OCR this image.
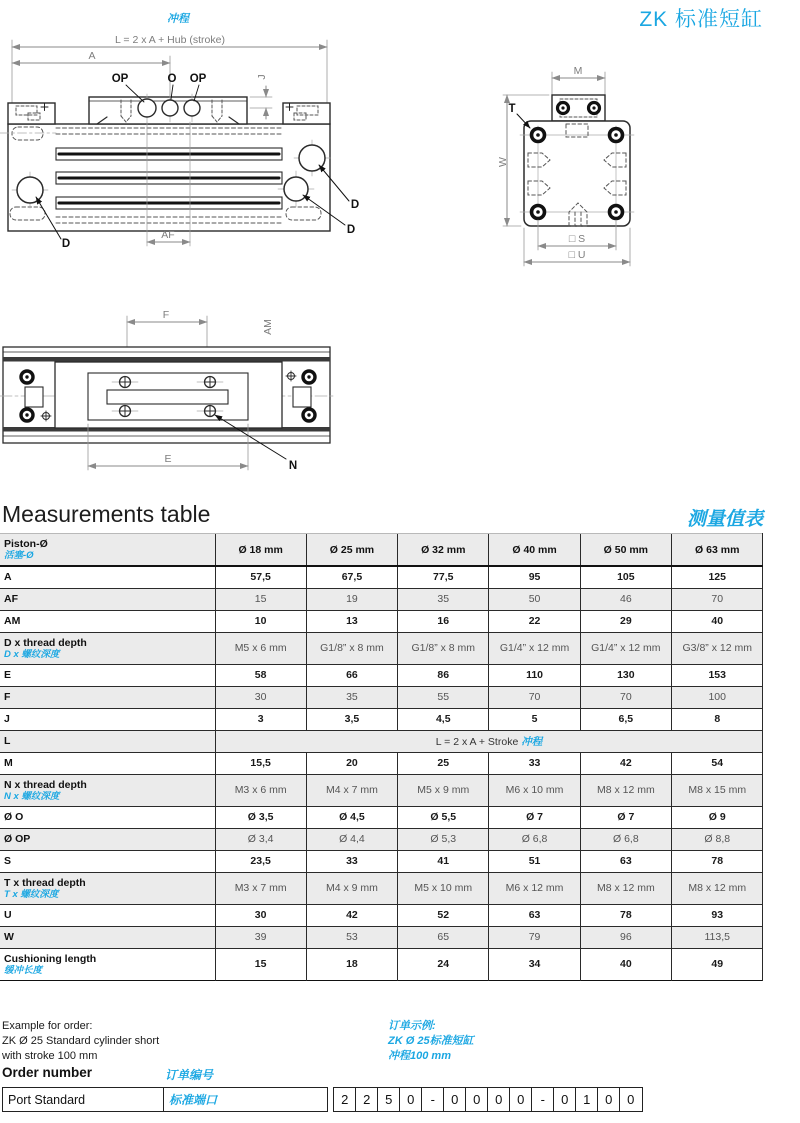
ZK 标准短缸
冲程
L = 2 x A + Hub (stroke)
A
OP	O OP	J
D
D
D
AF
M
T
W
□ S
□ U
F
AM
E
N
Measurements table	测量值表
Piston-Ø
活塞-Ø	Ø 18 mm	Ø 25 mm	Ø 32 mm	Ø 40 mm	Ø 50 mm	Ø 63 mm

A	57,5	67,5	77,5	95	105	125

AF	15	19	35	50	46	70

AM	10	13	16	22	29	40

D x thread depth
D x 螺纹深度	M5 x 6 mm	G1/8” x 8 mm	G1/8” x 8 mm	G1/4” x 12 mm	G1/4” x 12 mm	G3/8” x 12 mm

E	58	66	86	110	130	153

F	30	35	55	70	70	100

J	3	3,5	4,5	5	6,5	8

L	L = 2 x A + Stroke 冲程					

M	15,5	20	25	33	42	54

N x thread depth
N x 螺纹深度	M3 x 6 mm	M4 x 7 mm	M5 x 9 mm	M6 x 10 mm	M8 x 12 mm	M8 x 15 mm

Ø O	Ø 3,5	Ø 4,5	Ø 5,5	Ø 7	Ø 7	Ø 9

Ø OP	Ø 3,4	Ø 4,4	Ø 5,3	Ø 6,8	Ø 6,8	Ø 8,8

S	23,5	33	41	51	63	78

T x thread depth
T x 螺纹深度	M3 x 7 mm	M4 x 9 mm	M5 x 10 mm	M6 x 12 mm	M8 x 12 mm	M8 x 12 mm

U	30	42	52	63	78	93

W	39	53	65	79	96	113,5

Cushioning length
缓冲长度	15	18	24	34	40	49
Example for order:
ZK Ø 25 Standard cylinder short
with stroke 100 mm
订单示例:
ZK Ø 25标准短缸
冲程100 mm
Order number	订单编号
Port Standard	标准端口	2	2	5	0	-	0	0	0	0	-	0	1	0	0
